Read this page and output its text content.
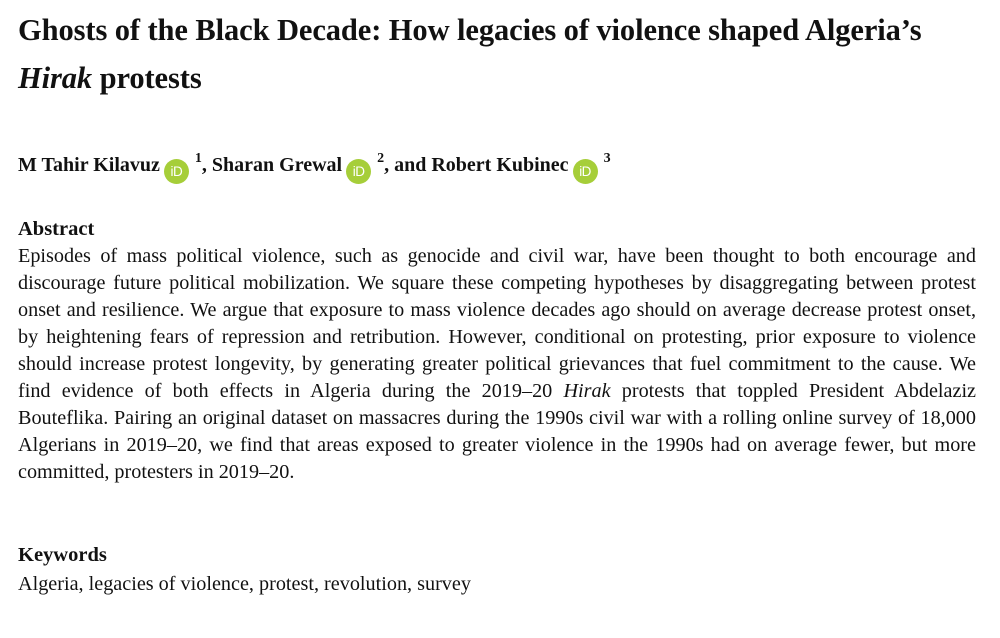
Ghosts of the Black Decade: How legacies of violence shaped Algeria’s Hirak protests
M Tahir Kilavuz iD$^1$, Sharan Grewal iD$^2$, and Robert Kubinec iD$^3$
Abstract

Episodes of mass political violence, such as genocide and civil war, have been thought to both encourage and discourage future political mobilization. We square these competing hypotheses by disaggregating between protest onset and resilience. We argue that exposure to mass violence decades ago should on average decrease protest onset, by heightening fears of repression and retribution. However, conditional on protesting, prior exposure to violence should increase protest longevity, by generating greater political grievances that fuel commitment to the cause. We find evidence of both effects in Algeria during the 2019–20 Hirak protests that toppled President Abdelaziz Bouteflika. Pairing an original dataset on massacres during the 1990s civil war with a rolling online survey of 18,000 Algerians in 2019–20, we find that areas exposed to greater violence in the 1990s had on average fewer, but more committed, protesters in 2019–20.

Keywords

Algeria, legacies of violence, protest, revolution, survey
